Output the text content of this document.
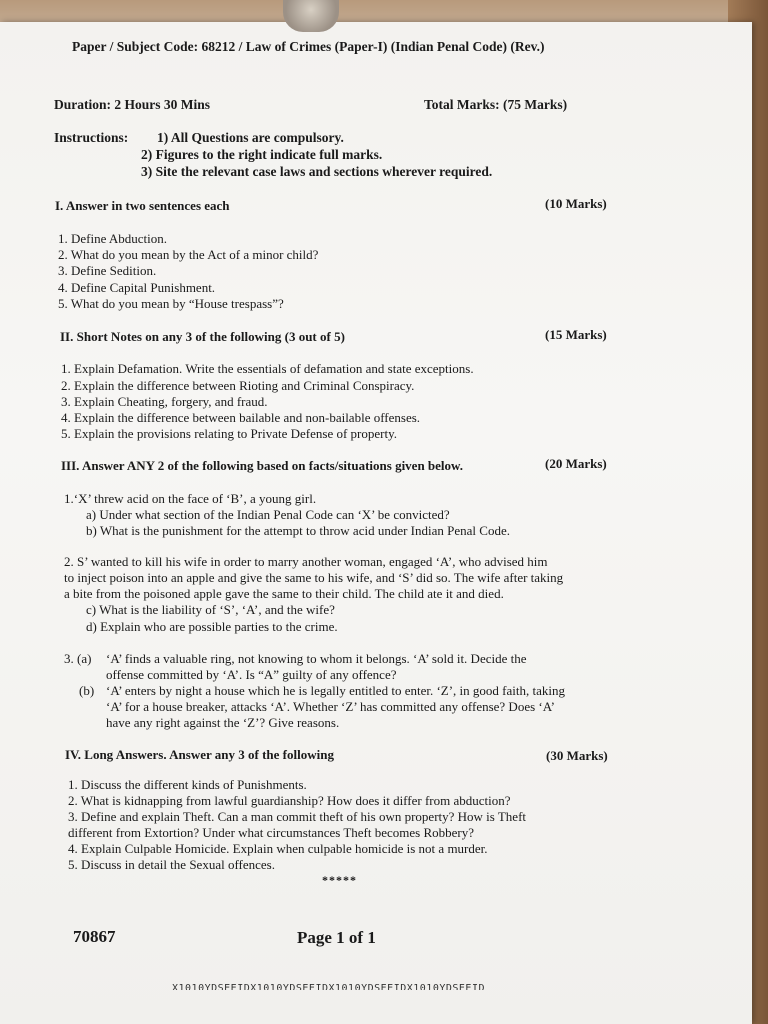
Paper / Subject Code: 68212 / Law of Crimes (Paper-I) (Indian Penal Code) (Rev.)
Duration: 2 Hours 30 Mins	Total Marks: (75 Marks)
Instructions: 1) All Questions are compulsory.
2) Figures to the right indicate full marks.
3) Site the relevant case laws and sections wherever required.
I. Answer in two sentences each	(10 Marks)
1. Define Abduction.
2. What do you mean by the Act of a minor child?
3. Define Sedition.
4. Define Capital Punishment.
5. What do you mean by “House trespass”?
II. Short Notes on any 3 of the following (3 out of 5)	(15 Marks)
1. Explain Defamation. Write the essentials of defamation and state exceptions.
2. Explain the difference between Rioting and Criminal Conspiracy.
3. Explain Cheating, forgery, and fraud.
4. Explain the difference between bailable and non-bailable offenses.
5. Explain the provisions relating to Private Defense of property.
III. Answer ANY 2 of the following based on facts/situations given below.	(20 Marks)
1.‘X’ threw acid on the face of ‘B’, a young girl.
a) Under what section of the Indian Penal Code can ‘X’ be convicted?
b) What is the punishment for the attempt to throw acid under Indian Penal Code.
2. S’ wanted to kill his wife in order to marry another woman, engaged ‘A’, who advised him
to inject poison into an apple and give the same to his wife, and ‘S’ did so. The wife after taking
a bite from the poisoned apple gave the same to their child. The child ate it and died.
c) What is the liability of ‘S’, ‘A’, and the wife?
d) Explain who are possible parties to the crime.
3. (a) ‘A’ finds a valuable ring, not knowing to whom it belongs. ‘A’ sold it. Decide the
offense committed by ‘A’. Is “A” guilty of any offence?
(b) ‘A’ enters by night a house which he is legally entitled to enter. ‘Z’, in good faith, taking
‘A’ for a house breaker, attacks ‘A’. Whether ‘Z’ has committed any offense? Does ‘A’
have any right against the ‘Z’? Give reasons.
IV. Long Answers. Answer any 3 of the following	(30 Marks)
1. Discuss the different kinds of Punishments.
2. What is kidnapping from lawful guardianship? How does it differ from abduction?
3. Define and explain Theft. Can a man commit theft of his own property? How is Theft
different from Extortion? Under what circumstances Theft becomes Robbery?
4. Explain Culpable Homicide. Explain when culpable homicide is not a murder.
5. Discuss in detail the Sexual offences.
*****
70867	Page 1 of 1
X1010YDSEEIDX1010YDSEEIDX1010YDSEEIDX1010YDSEEID
